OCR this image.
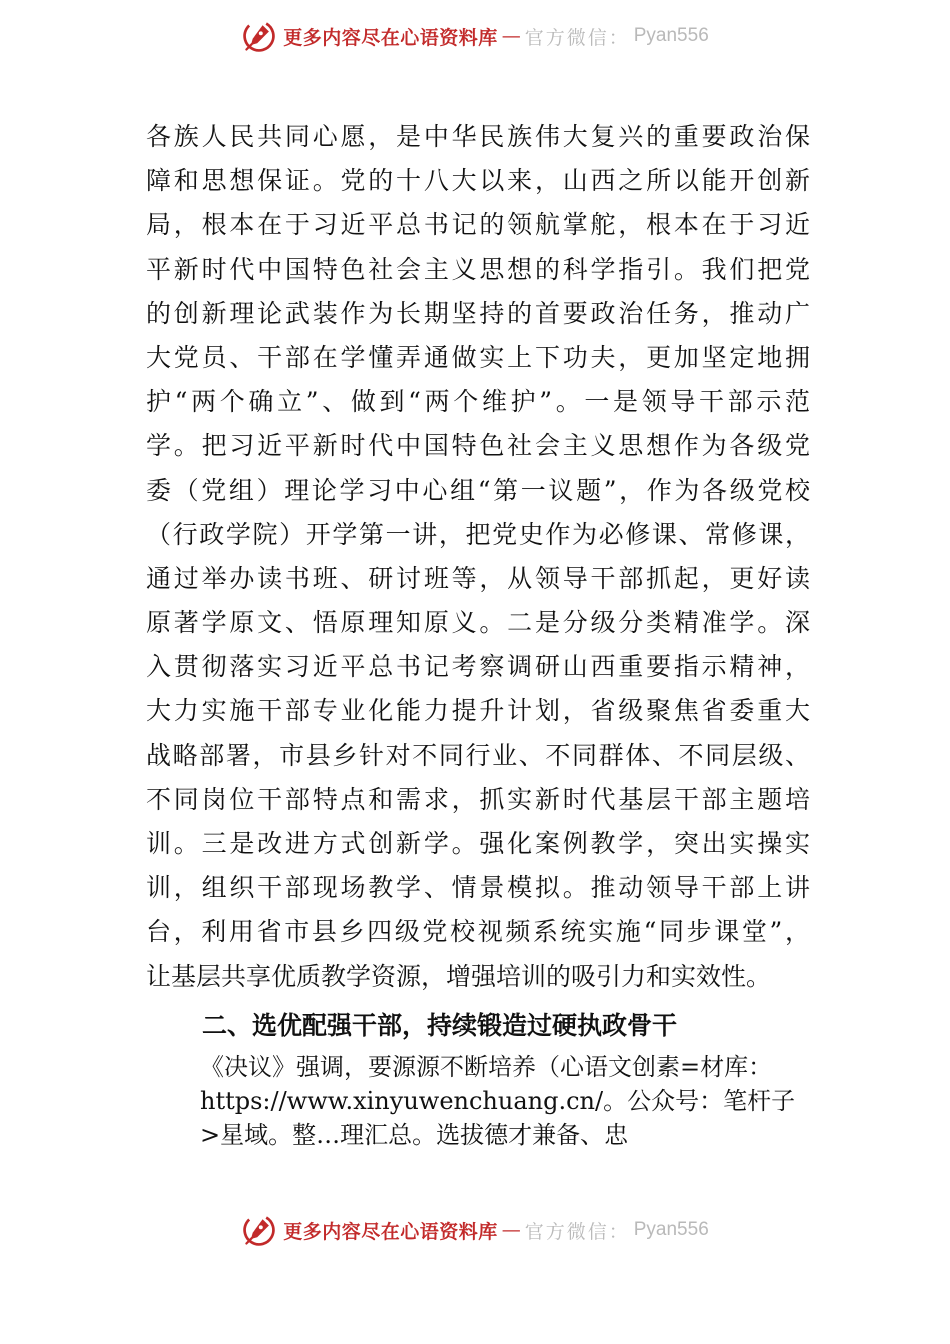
更多内容尽在心语资料库 — 官方微信： Pyan556
各族人民共同心愿，是中华民族伟大复兴的重要政治保
障和思想保证。党的十八大以来，山西之所以能开创新
局，根本在于习近平总书记的领航掌舵，根本在于习近
平新时代中国特色社会主义思想的科学指引。我们把党
的创新理论武装作为长期坚持的首要政治任务，推动广
大党员、干部在学懂弄通做实上下功夫，更加坚定地拥
护“两个确立”、做到“两个维护”。一是领导干部示范
学。把习近平新时代中国特色社会主义思想作为各级党
委（党组）理论学习中心组“第一议题”，作为各级党校
（行政学院）开学第一讲，把党史作为必修课、常修课，
通过举办读书班、研讨班等，从领导干部抓起，更好读
原著学原文、悟原理知原义。二是分级分类精准学。深
入贯彻落实习近平总书记考察调研山西重要指示精神，
大力实施干部专业化能力提升计划，省级聚焦省委重大
战略部署，市县乡针对不同行业、不同群体、不同层级、
不同岗位干部特点和需求，抓实新时代基层干部主题培
训。三是改进方式创新学。强化案例教学，突出实操实
训，组织干部现场教学、情景模拟。推动领导干部上讲
台，利用省市县乡四级党校视频系统实施“同步课堂”，
让基层共享优质教学资源，增强培训的吸引力和实效性。
二、选优配强干部，持续锻造过硬执政骨干
《决议》强调，要源源不断培养（心语文创素=材库：
https://www.xinyuwenchuang.cn/。公众号：笔杆子
>星域。整…理汇总。选拔德才兼备、忠
更多内容尽在心语资料库 — 官方微信： Pyan556
